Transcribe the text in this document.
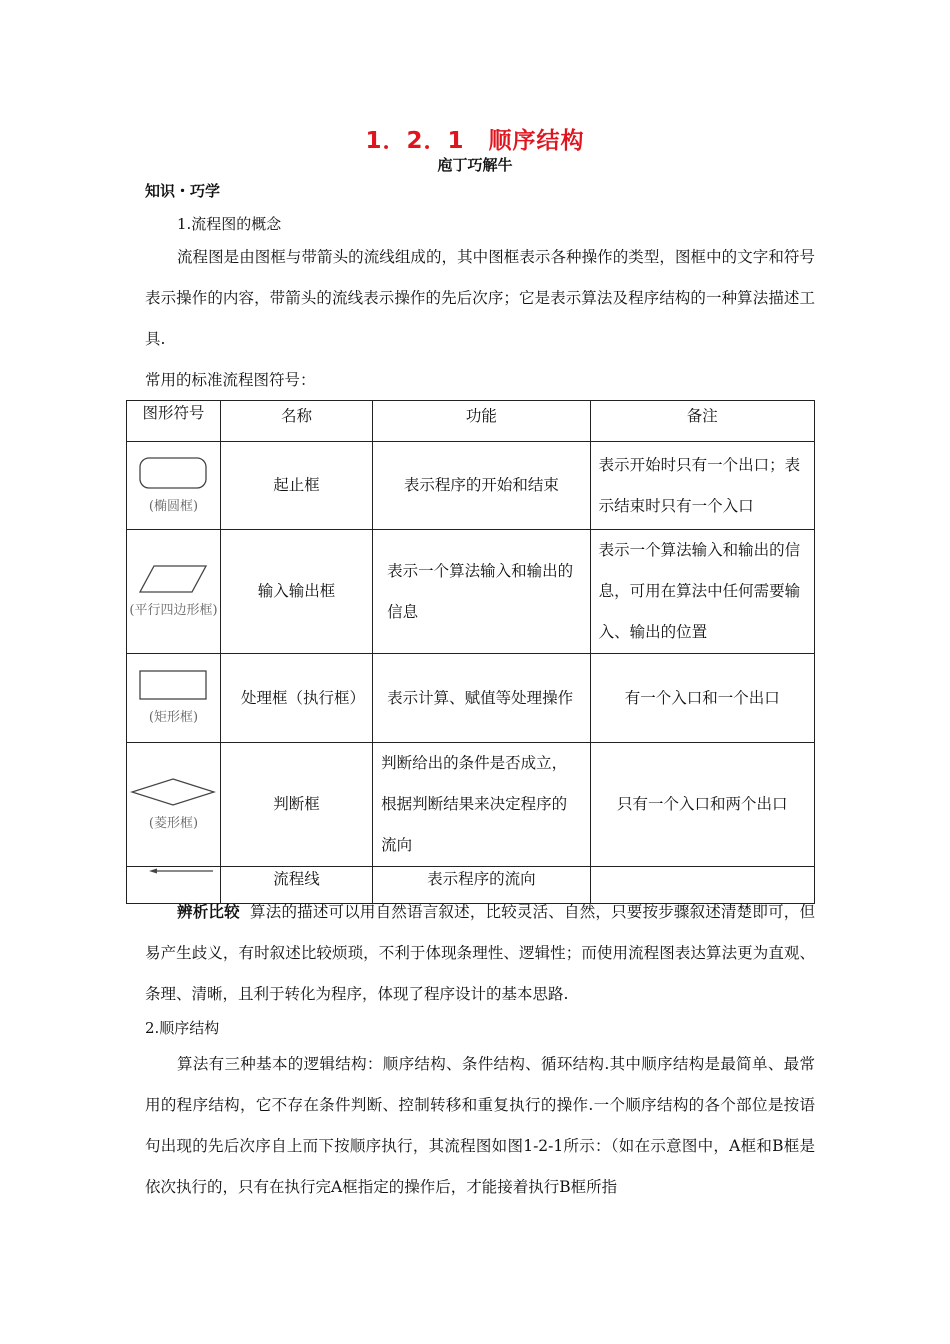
1．2．1　顺序结构
庖丁巧解牛
知识・巧学
1.流程图的概念

流程图是由图框与带箭头的流线组成的，其中图框表示各种操作的类型，图框中的文字和符号表示操作的内容，带箭头的流线表示操作的先后次序；它是表示算法及程序结构的一种算法描述工具.

常用的标准流程图符号：
图形符号	名称	功能	备注

(椭圆框)	起止框	表示程序的开始和结束	表示开始时只有一个出口；表示结束时只有一个入口

(平行四边形框)	输入输出框	表示一个算法输入和输出的信息	表示一个算法输入和输出的信息，可用在算法中任何需要输入、输出的位置

(矩形框)	处理框（执行框）	表示计算、赋值等处理操作	有一个入口和一个出口

(菱形框)	判断框	判断给出的条件是否成立，根据判断结果来决定程序的流向	只有一个入口和两个出口

	流程线	表示程序的流向	

辨析比较 算法的描述可以用自然语言叙述，比较灵活、自然，只要按步骤叙述清楚即可，但易产生歧义，有时叙述比较烦琐，不利于体现条理性、逻辑性；而使用流程图表达算法更为直观、条理、清晰，且利于转化为程序，体现了程序设计的基本思路.

2.顺序结构

算法有三种基本的逻辑结构：顺序结构、条件结构、循环结构.其中顺序结构是最简单、最常用的程序结构，它不存在条件判断、控制转移和重复执行的操作.一个顺序结构的各个部位是按语句出现的先后次序自上而下按顺序执行，其流程图如图1-2-1所示：（如在示意图中，A框和B框是依次执行的，只有在执行完A框指定的操作后，才能接着执行B框所指
